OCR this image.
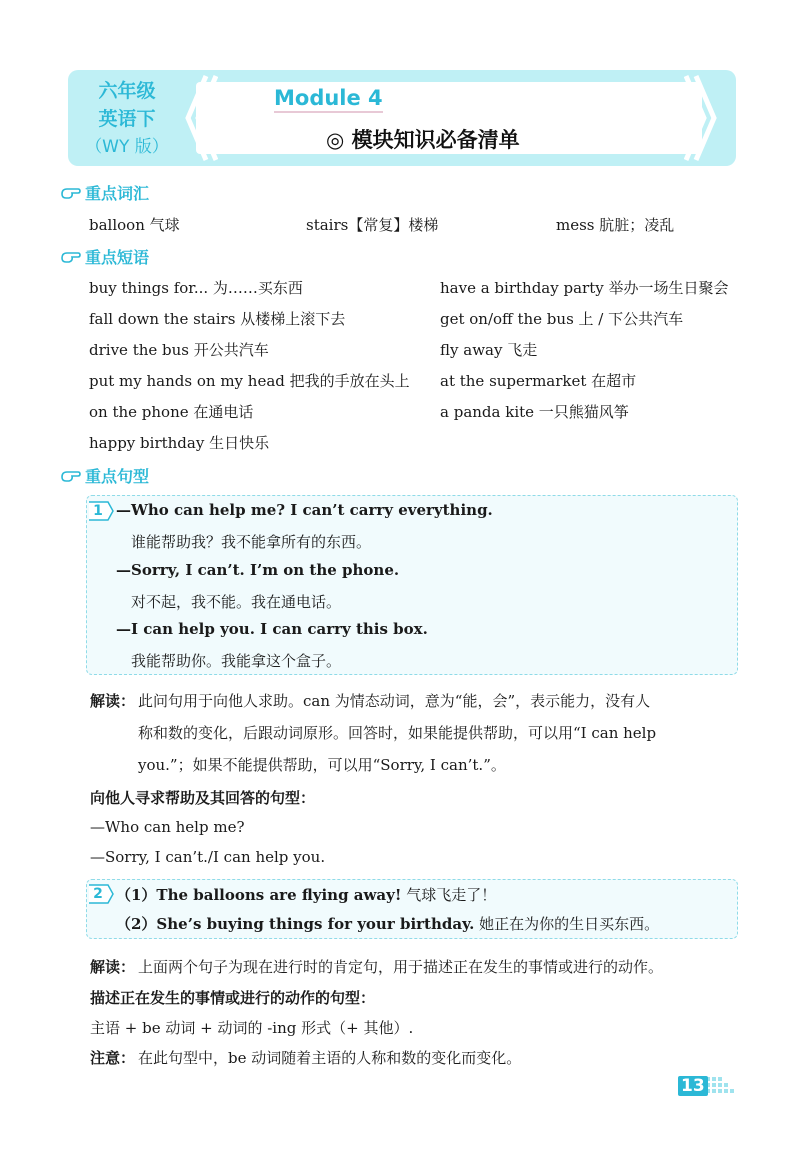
六年级
英语下
（WY 版）
Module 4
◎ 模块知识必备清单
重点词汇
balloon 气球	stairs【常复】楼梯	mess 肮脏；凌乱
重点短语
buy things for... 为……买东西
fall down the stairs 从楼梯上滚下去
drive the bus 开公共汽车
put my hands on my head 把我的手放在头上
on the phone 在通电话
happy birthday 生日快乐
have a birthday party 举办一场生日聚会
get on/off the bus 上 / 下公共汽车
fly away 飞走
at the supermarket 在超市
a panda kite 一只熊猫风筝
重点句型
1 —Who can help me? I can’t carry everything.
谁能帮助我？我不能拿所有的东西。
—Sorry, I can’t. I’m on the phone.
对不起，我不能。我在通电话。
—I can help you. I can carry this box.
我能帮助你。我能拿这个盒子。
解读： 此问句用于向他人求助。can 为情态动词，意为“能，会”，表示能力，没有人
称和数的变化，后跟动词原形。回答时，如果能提供帮助，可以用“I can help
you.”；如果不能提供帮助，可以用“Sorry, I can’t.”。
向他人寻求帮助及其回答的句型：
—Who can help me?
—Sorry, I can’t./I can help you.
2 （1）The balloons are flying away! 气球飞走了！
（2）She’s buying things for your birthday. 她正在为你的生日买东西。
解读： 上面两个句子为现在进行时的肯定句，用于描述正在发生的事情或进行的动作。
描述正在发生的事情或进行的动作的句型：
主语 + be 动词 + 动词的 -ing 形式（+ 其他）.
注意： 在此句型中，be 动词随着主语的人称和数的变化而变化。
13
